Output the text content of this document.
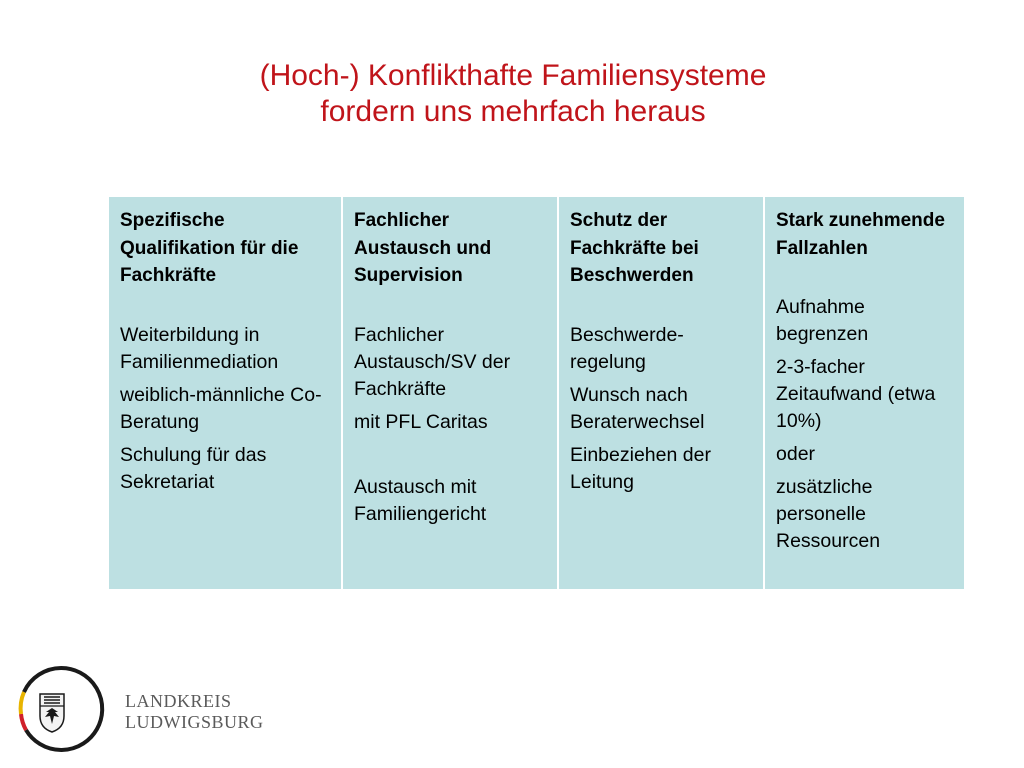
(Hoch-) Konflikthafte Familiensysteme
fordern uns mehrfach heraus
Spezifische Qualifikation für die Fachkräfte
Weiterbildung in Familienmediation
weiblich-männliche Co-Beratung
Schulung für das Sekretariat
Fachlicher Austausch und Supervision
Fachlicher Austausch/SV der Fachkräfte
mit PFL Caritas
Austausch mit Familiengericht
Schutz der Fachkräfte bei Beschwerden
Beschwerde-regelung
Wunsch nach Beraterwechsel
Einbeziehen der Leitung
Stark zunehmende Fallzahlen
Aufnahme begrenzen
2-3-facher Zeitaufwand (etwa 10%)
oder
zusätzliche personelle Ressourcen
LANDKREIS
LUDWIGSBURG
